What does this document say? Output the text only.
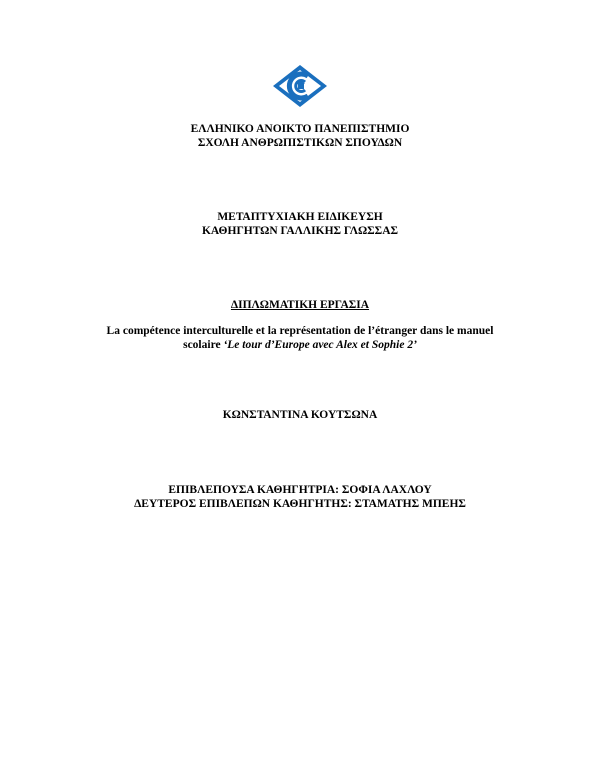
ΕΛΛΗΝΙΚΟ ΑΝΟΙΚΤΟ ΠΑΝΕΠΙΣΤΗΜΙΟ
ΣΧΟΛΗ ΑΝΘΡΩΠΙΣΤΙΚΩΝ ΣΠΟΥΔΩΝ
ΜΕΤΑΠΤΥΧΙΑΚΗ ΕΙΔΙΚΕΥΣΗ
ΚΑΘΗΓΗΤΩΝ ΓΑΛΛΙΚΗΣ ΓΛΩΣΣΑΣ
ΔΙΠΛΩΜΑΤΙΚΗ ΕΡΓΑΣΙΑ
La compétence interculturelle et la représentation de l’étranger dans le manuel
scolaire ‘Le tour d’Europe avec Alex et Sophie 2’
ΚΩΝΣΤΑΝΤΙΝΑ ΚΟΥΤΣΩΝΑ
ΕΠΙΒΛΕΠΟΥΣΑ ΚΑΘΗΓΗΤΡΙΑ: ΣΟΦΙΑ ΛΑΧΛΟΥ
ΔΕΥΤΕΡΟΣ ΕΠΙΒΛΕΠΩΝ ΚΑΘΗΓΗΤΗΣ: ΣΤΑΜΑΤΗΣ ΜΠΕΗΣ
